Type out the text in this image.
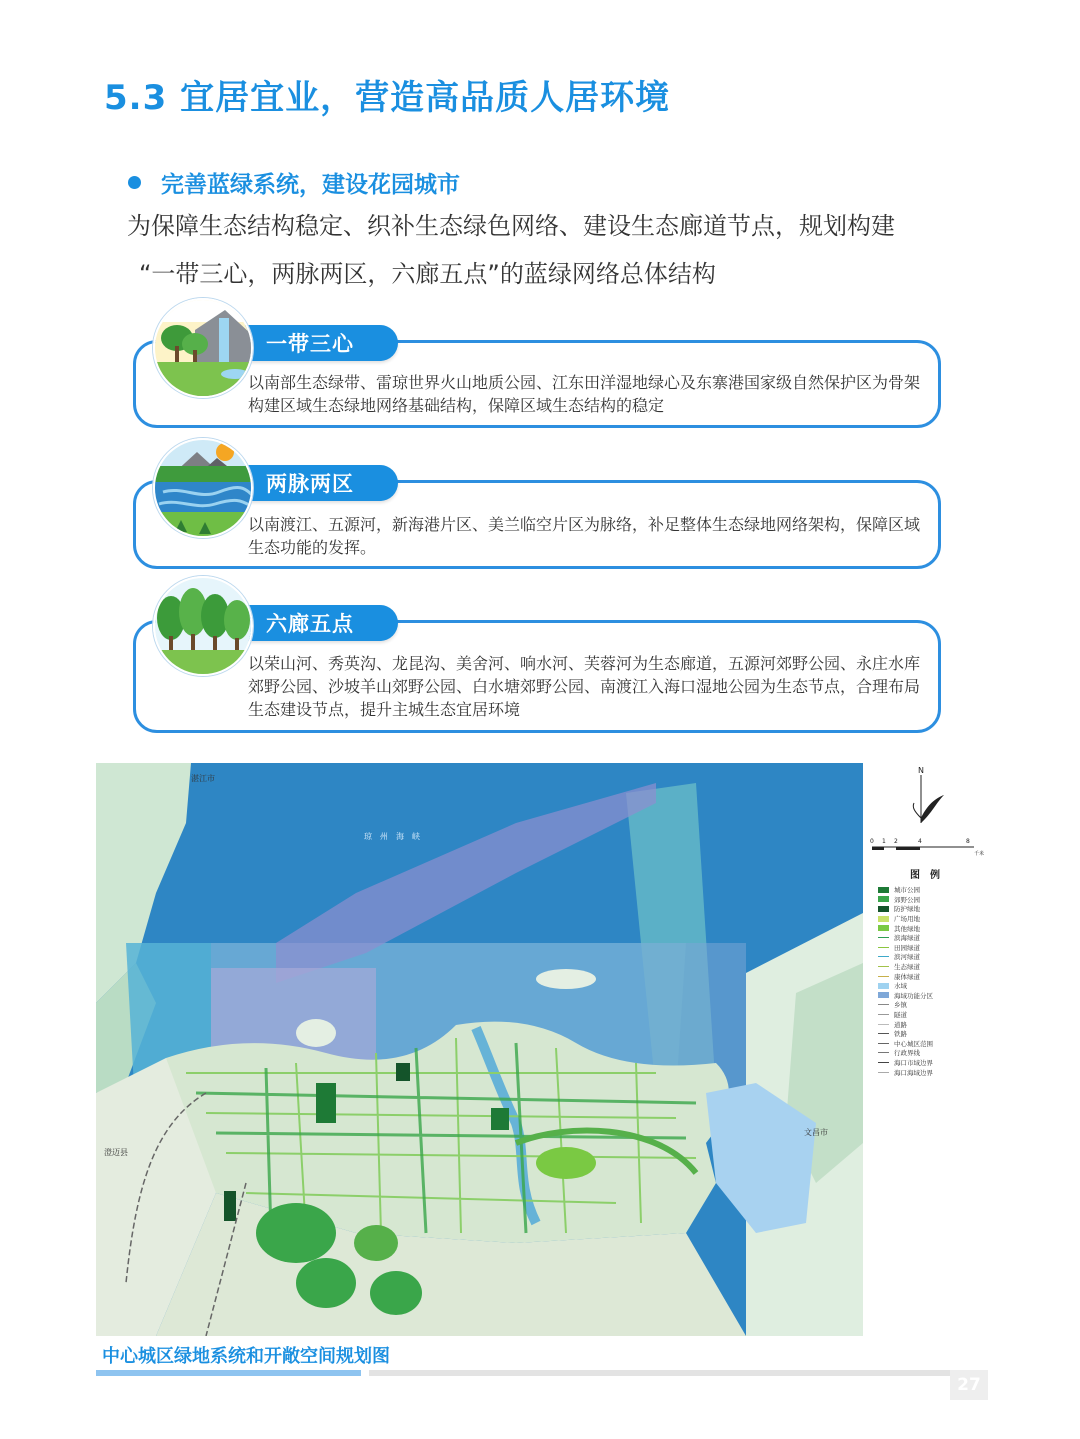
5.3 宜居宜业，营造高品质人居环境
完善蓝绿系统，建设花园城市

为保障生态结构稳定、织补生态绿色网络、建设生态廊道节点，规划构建
“一带三心，两脉两区，六廊五点”的蓝绿网络总体结构

以南部生态绿带、雷琼世界火山地质公园、江东田洋湿地绿心及东寨港国家级自然保护区为骨架构建区域生态绿地网络基础结构，保障区域生态结构的稳定

一带三心

以南渡江、五源河，新海港片区、美兰临空片区为脉络，补足整体生态绿地网络架构，保障区域生态功能的发挥。

两脉两区

以荣山河、秀英沟、龙昆沟、美舍河、响水河、芙蓉河为生态廊道，五源河郊野公园、永庄水库郊野公园、沙坡羊山郊野公园、白水塘郊野公园、南渡江入海口湿地公园为生态节点，合理布局生态建设节点，提升主城生态宜居环境

六廊五点
湛江市
琼　州　海　峡
文昌市
澄迈县
N
0 1 2	4	8
千米
图　例
城市公园
郊野公园
防护绿地
广场用地
其他绿地
滨海绿道
田园绿道
滨河绿道
生态绿道
康体绿道
水域
海域功能分区
乡镇
隧道
道路
铁路
中心城区范围
行政界线
海口市域边界
海口海域边界

中心城区绿地系统和开敞空间规划图

27
